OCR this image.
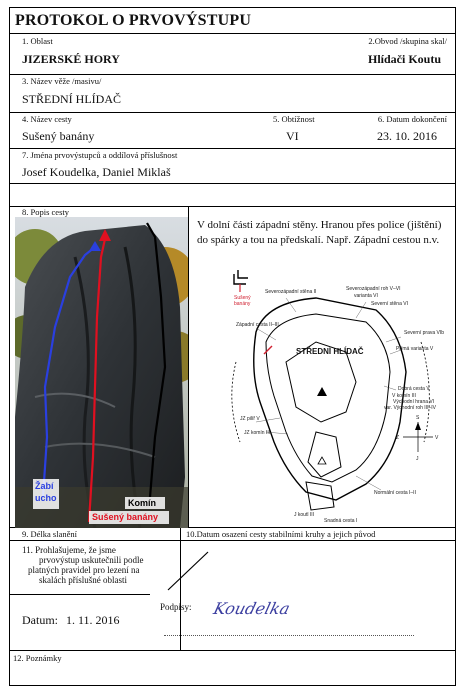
PROTOKOL O PRVOVÝSTUPU
1. Oblast	2.Obvod /skupina skal/
JIZERSKÉ HORY	Hlídači Koutu
3. Název věže /masivu/
STŘEDNÍ HLÍDAČ
4. Název cesty	5. Obtížnost	6. Datum dokončení
Sušený banány	VI	23. 10. 2016
7. Jména prvovýstupců a oddílová příslušnost
Josef Koudelka, Daniel Miklaš
8. Popis cesty
Žabí
ucho	Komín
Sušený banány
V dolní části západní stěny. Hranou přes police (jištění) do spárky a tou na předskalí. Např. Západní cestou n.v.
Sušený
banány
Severozápadní stěna II	Severozápadní roh V–VI
varianta VI
Severní stěna VI
Západní cesta II–III
Severní prava VIb
Přímá varianta V
STŘEDNÍ HLÍDAČ
Dobrá cesta V
V komín III
Východní hrana VI
var. Východní roh III–IV
JZ pilíř V
JZ komín III
Normální cesta I–II
J koutl III
Snadná cesta I
S
J
Z	V
9. Délka slanění	10.Datum osazení cesty stabilními kruhy a jejich původ
11. Prohlašujeme, že jsme
prvovýstup uskutečnili podle
platných pravidel pro lezení na
skalách příslušné oblasti
Datum: 1. 11. 2016
Podpisy: Koudelka
12. Poznámky
